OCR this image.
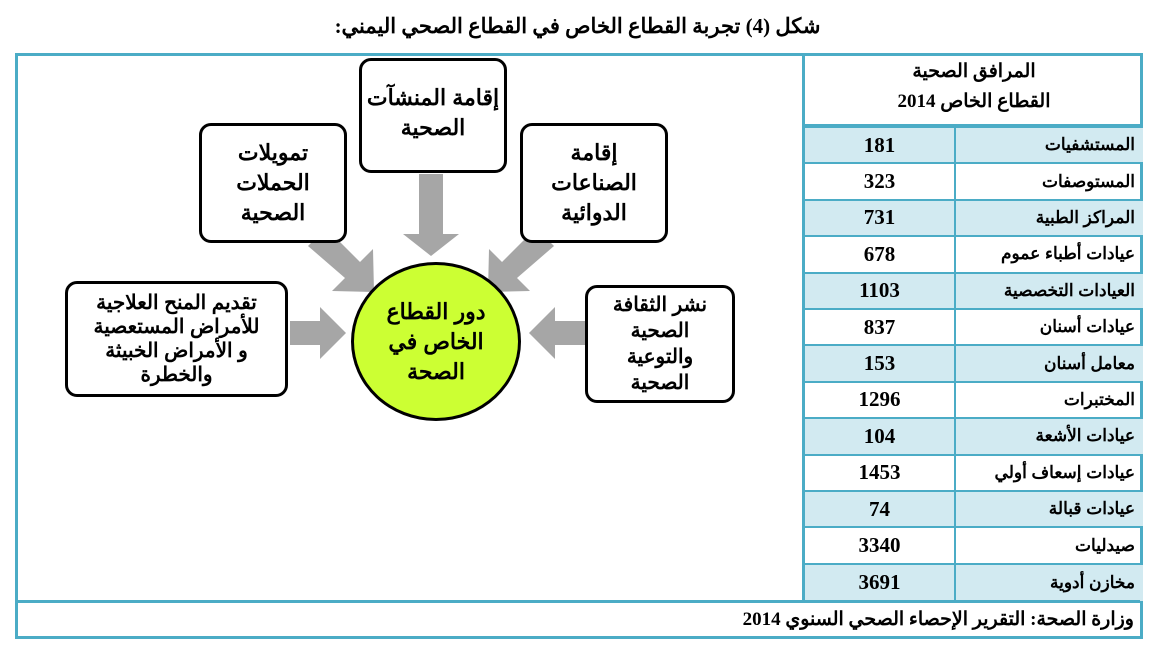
شكل (4) تجربة القطاع الخاص في القطاع الصحي اليمني:
إقامة المنشآت
الصحية
تمويلات
الحملات
الصحية
إقامة
الصناعات
الدوائية
تقديم المنح العلاجية
للأمراض المستعصية
و الأمراض الخبيثة
والخطرة
نشر الثقافة
الصحية
والتوعية
الصحية
دور القطاع
الخاص في
الصحة
المرافق الصحية
القطاع الخاص 2014
181	المستشفيات
323	المستوصفات
731	المراكز الطبية
678	عيادات أطباء عموم
1103	العيادات التخصصية
837	عيادات أسنان
153	معامل أسنان
1296	المختبرات
104	عيادات الأشعة
1453	عيادات إسعاف أولي
74	عيادات قبالة
3340	صيدليات
3691	مخازن أدوية
وزارة الصحة: التقرير الإحصاء الصحي السنوي 2014
